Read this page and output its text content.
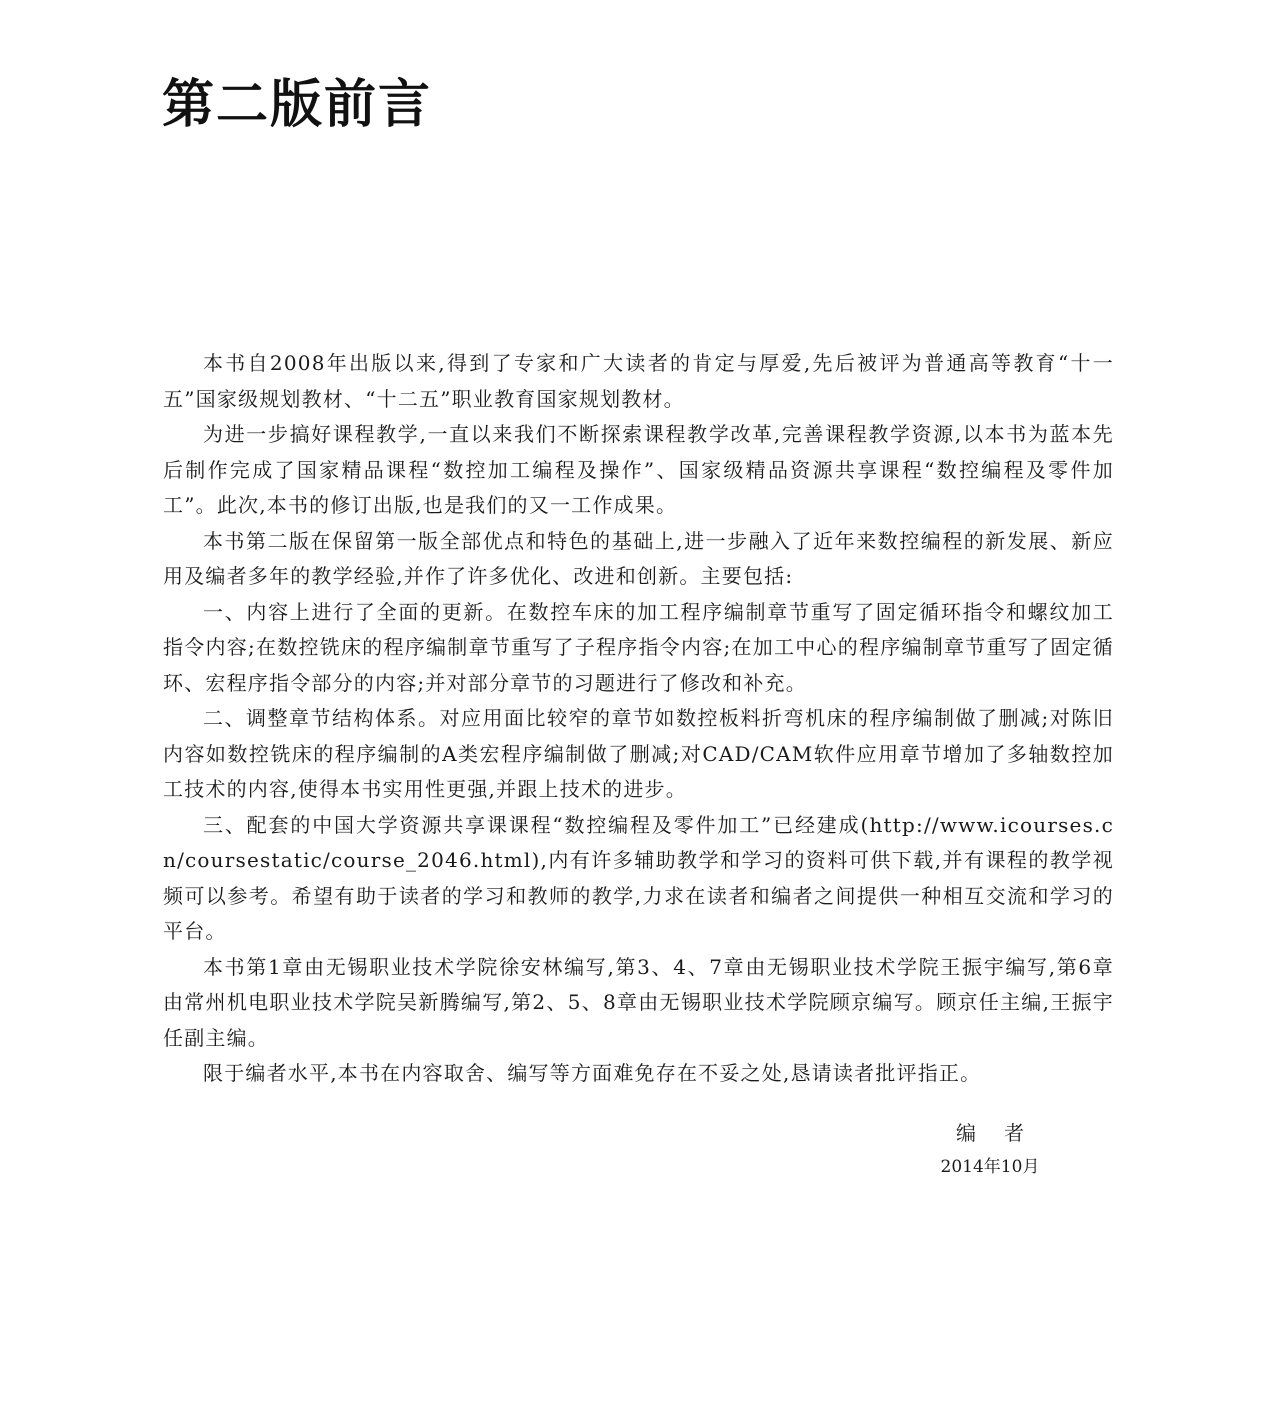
第二版前言

本书自2008年出版以来,得到了专家和广大读者的肯定与厚爱,先后被评为普通高等教育“十一五”国家级规划教材、“十二五”职业教育国家规划教材。

为进一步搞好课程教学,一直以来我们不断探索课程教学改革,完善课程教学资源,以本书为蓝本先后制作完成了国家精品课程“数控加工编程及操作”、国家级精品资源共享课程“数控编程及零件加工”。此次,本书的修订出版,也是我们的又一工作成果。

本书第二版在保留第一版全部优点和特色的基础上,进一步融入了近年来数控编程的新发展、新应用及编者多年的教学经验,并作了许多优化、改进和创新。主要包括:

一、内容上进行了全面的更新。在数控车床的加工程序编制章节重写了固定循环指令和螺纹加工指令内容;在数控铣床的程序编制章节重写了子程序指令内容;在加工中心的程序编制章节重写了固定循环、宏程序指令部分的内容;并对部分章节的习题进行了修改和补充。

二、调整章节结构体系。对应用面比较窄的章节如数控板料折弯机床的程序编制做了删减;对陈旧内容如数控铣床的程序编制的A类宏程序编制做了删减;对CAD/CAM软件应用章节增加了多轴数控加工技术的内容,使得本书实用性更强,并跟上技术的进步。

三、配套的中国大学资源共享课课程“数控编程及零件加工”已经建成(http://www.icourses.cn/coursestatic/course_2046.html),内有许多辅助教学和学习的资料可供下载,并有课程的教学视频可以参考。希望有助于读者的学习和教师的教学,力求在读者和编者之间提供一种相互交流和学习的平台。

本书第1章由无锡职业技术学院徐安林编写,第3、4、7章由无锡职业技术学院王振宇编写,第6章由常州机电职业技术学院吴新腾编写,第2、5、8章由无锡职业技术学院顾京编写。顾京任主编,王振宇任副主编。

限于编者水平,本书在内容取舍、编写等方面难免存在不妥之处,恳请读者批评指正。

编者
2014年10月
